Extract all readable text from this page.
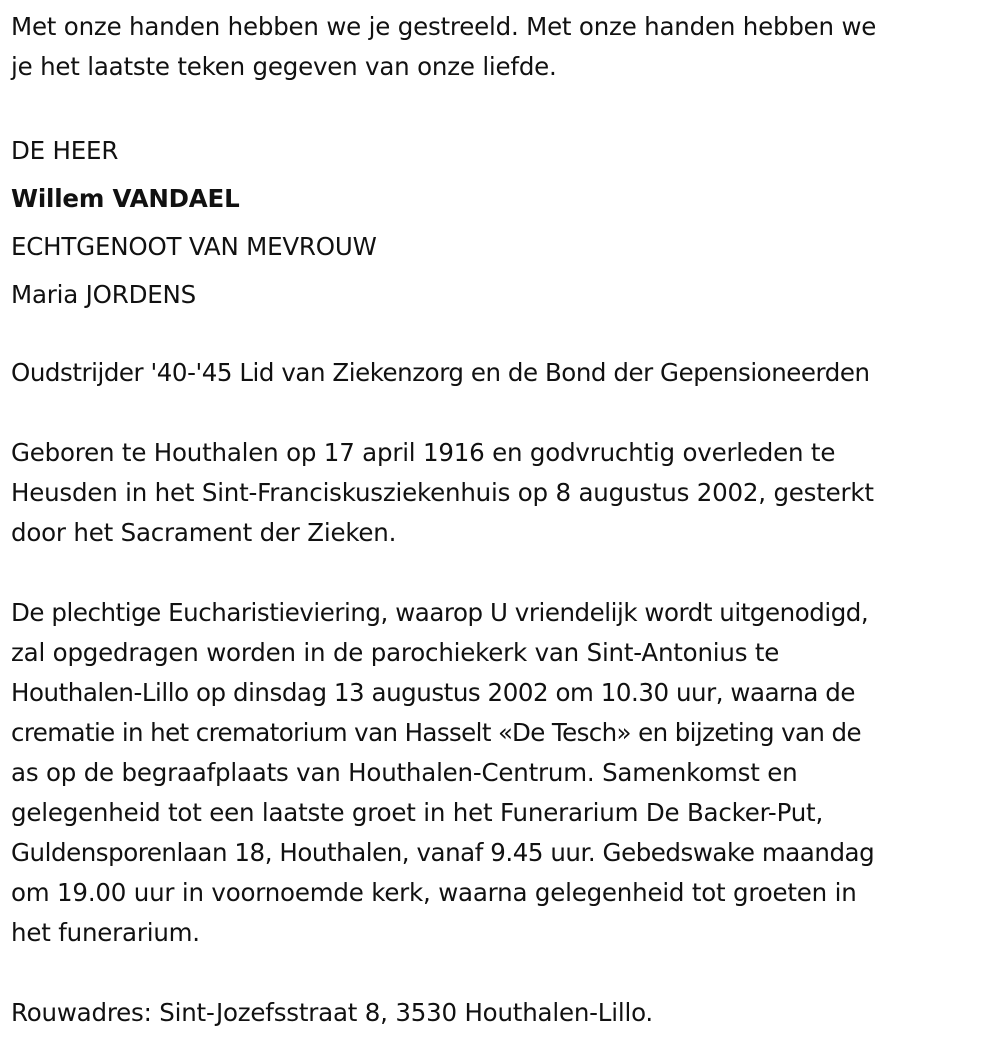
Met onze handen hebben we je gestreeld. Met onze handen hebben we

je het laatste teken gegeven van onze liefde.

DE HEER

Willem VANDAEL

ECHTGENOOT VAN MEVROUW

Maria JORDENS

Oudstrijder '40-'45 Lid van Ziekenzorg en de Bond der Gepensioneerden

Geboren te Houthalen op 17 april 1916 en godvruchtig overleden te

Heusden in het Sint-Franciskusziekenhuis op 8 augustus 2002, gesterkt

door het Sacrament der Zieken.

De plechtige Eucharistieviering, waarop U vriendelijk wordt uitgenodigd,

zal opgedragen worden in de parochiekerk van Sint-Antonius te

Houthalen-Lillo op dinsdag 13 augustus 2002 om 10.30 uur, waarna de

crematie in het crematorium van Hasselt «De Tesch» en bijzeting van de

as op de begraafplaats van Houthalen-Centrum. Samenkomst en

gelegenheid tot een laatste groet in het Funerarium De Backer-Put,

Guldensporenlaan 18, Houthalen, vanaf 9.45 uur. Gebedswake maandag

om 19.00 uur in voornoemde kerk, waarna gelegenheid tot groeten in

het funerarium.

Rouwadres: Sint-Jozefsstraat 8, 3530 Houthalen-Lillo.
